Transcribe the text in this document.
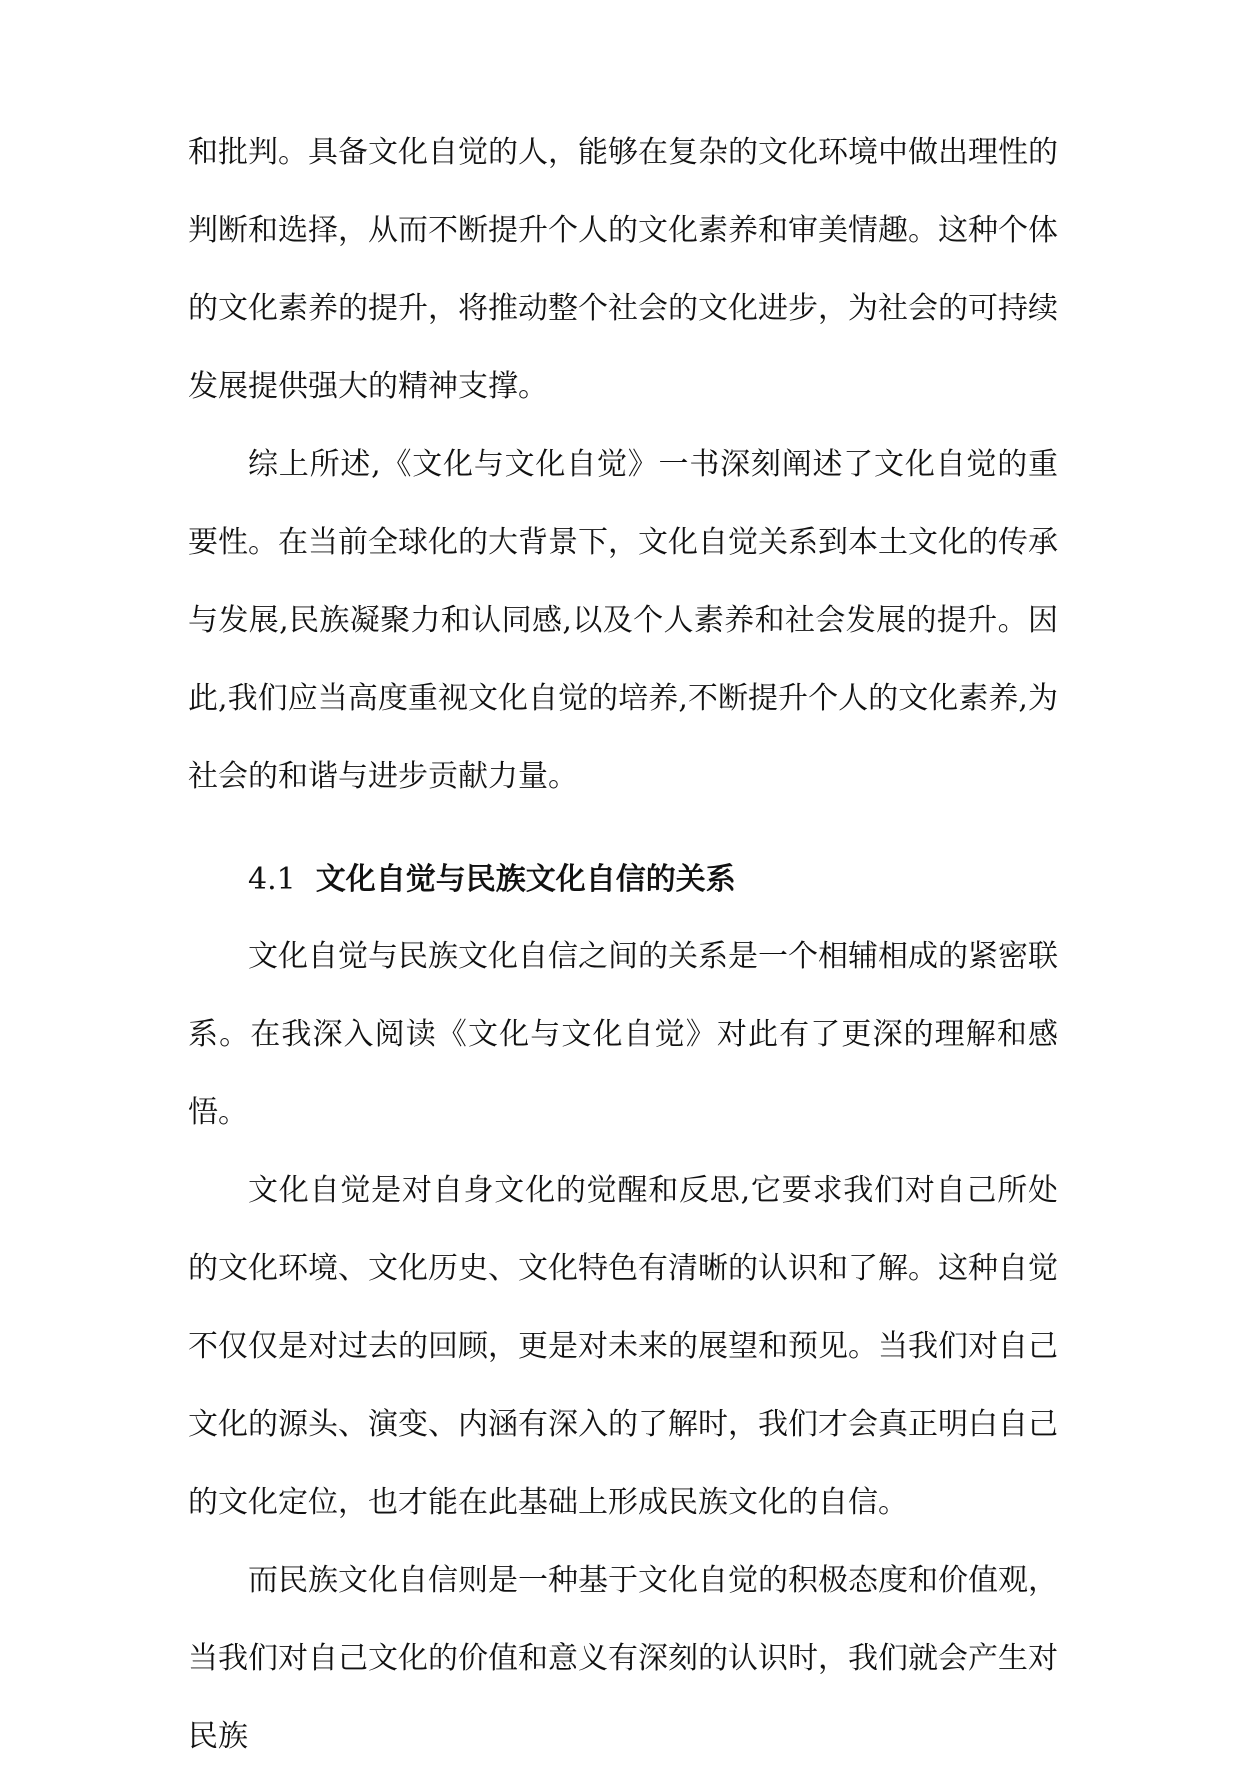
和批判。具备文化自觉的人，能够在复杂的文化环境中做出理性的判断和选择，从而不断提升个人的文化素养和审美情趣。这种个体的文化素养的提升，将推动整个社会的文化进步，为社会的可持续发展提供强大的精神支撑。

综上所述,《文化与文化自觉》一书深刻阐述了文化自觉的重要性。在当前全球化的大背景下，文化自觉关系到本土文化的传承与发展,民族凝聚力和认同感,以及个人素养和社会发展的提升。因此,我们应当高度重视文化自觉的培养,不断提升个人的文化素养,为社会的和谐与进步贡献力量。

4.1 文化自觉与民族文化自信的关系

文化自觉与民族文化自信之间的关系是一个相辅相成的紧密联系。在我深入阅读《文化与文化自觉》对此有了更深的理解和感悟。

文化自觉是对自身文化的觉醒和反思,它要求我们对自己所处的文化环境、文化历史、文化特色有清晰的认识和了解。这种自觉不仅仅是对过去的回顾，更是对未来的展望和预见。当我们对自己文化的源头、演变、内涵有深入的了解时，我们才会真正明白自己的文化定位，也才能在此基础上形成民族文化的自信。

而民族文化自信则是一种基于文化自觉的积极态度和价值观，当我们对自己文化的价值和意义有深刻的认识时，我们就会产生对民族
